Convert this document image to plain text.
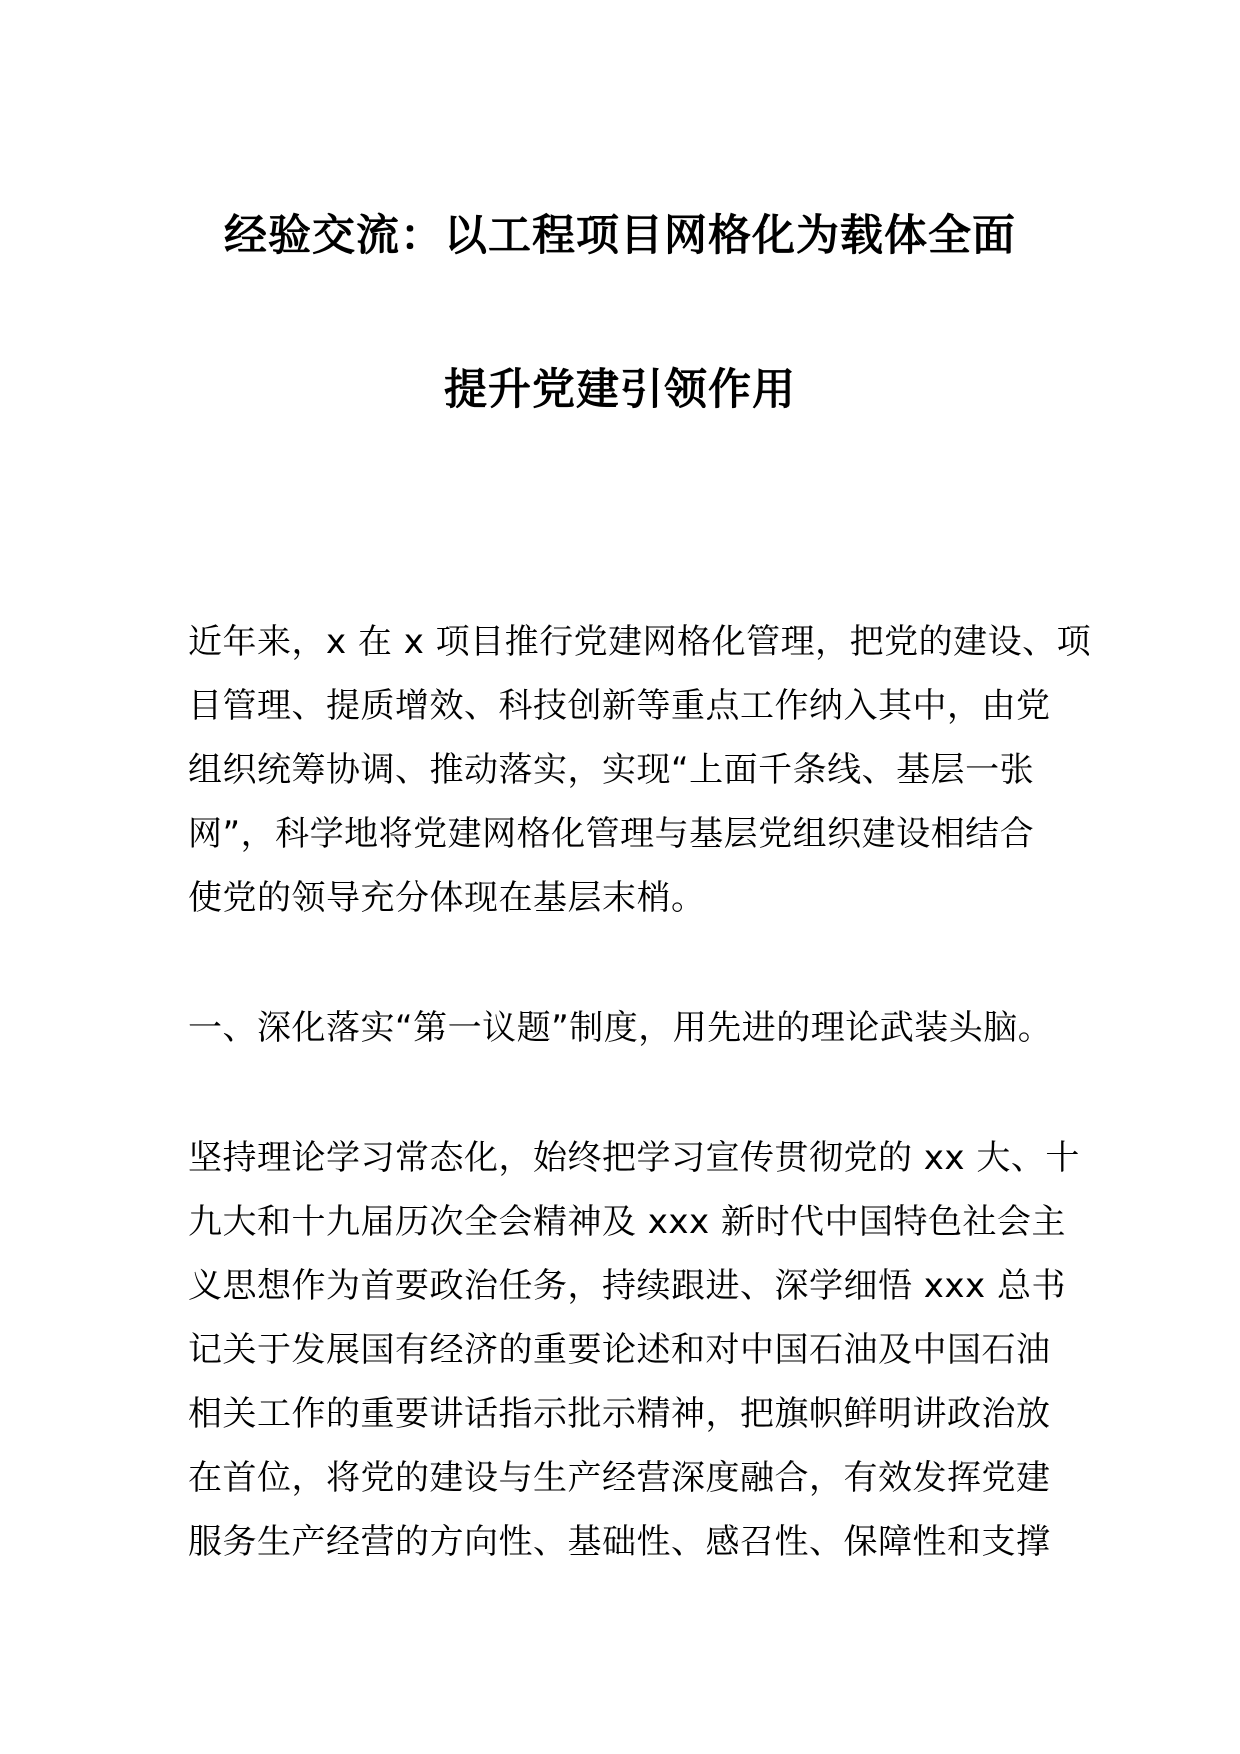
经验交流：以工程项目网格化为载体全面
提升党建引领作用
近年来，x 在 x 项目推行党建网格化管理，把党的建设、项
目管理、提质增效、科技创新等重点工作纳入其中，由党
组织统筹协调、推动落实，实现“上面千条线、基层一张
网”，科学地将党建网格化管理与基层党组织建设相结合
使党的领导充分体现在基层末梢。
一、深化落实“第一议题”制度，用先进的理论武装头脑。
坚持理论学习常态化，始终把学习宣传贯彻党的 xx 大、十
九大和十九届历次全会精神及 xxx 新时代中国特色社会主
义思想作为首要政治任务，持续跟进、深学细悟 xxx 总书
记关于发展国有经济的重要论述和对中国石油及中国石油
相关工作的重要讲话指示批示精神，把旗帜鲜明讲政治放
在首位，将党的建设与生产经营深度融合，有效发挥党建
服务生产经营的方向性、基础性、感召性、保障性和支撑
